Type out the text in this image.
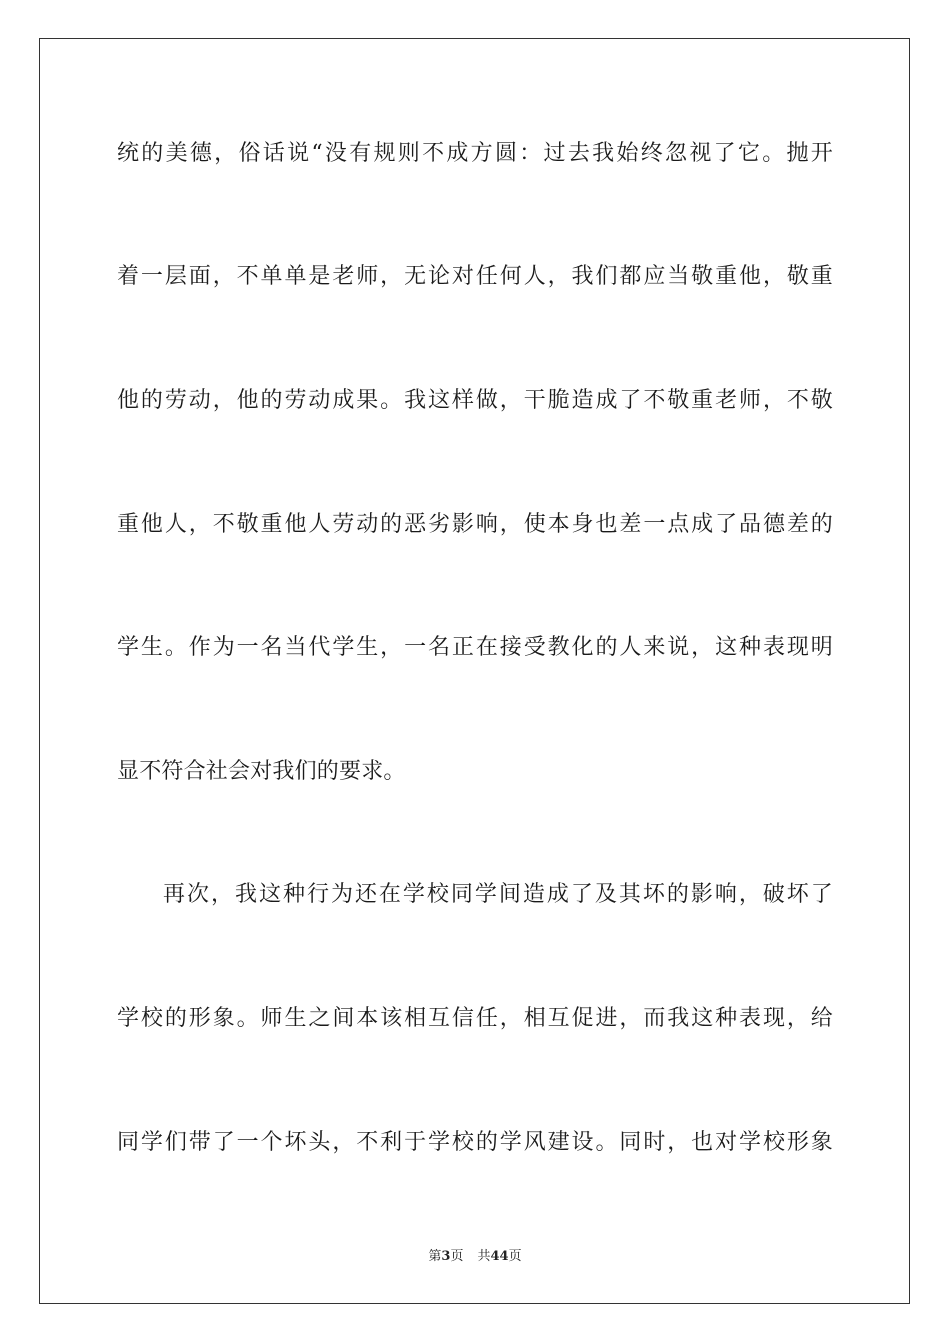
统的美德，俗话说“没有规则不成方圆：过去我始终忽视了它。抛开
着一层面，不单单是老师，无论对任何人，我们都应当敬重他，敬重
他的劳动，他的劳动成果。我这样做，干脆造成了不敬重老师，不敬
重他人，不敬重他人劳动的恶劣影响，使本身也差一点成了品德差的
学生。作为一名当代学生，一名正在接受教化的人来说，这种表现明
显不符合社会对我们的要求。
再次，我这种行为还在学校同学间造成了及其坏的影响，破坏了
学校的形象。师生之间本该相互信任，相互促进，而我这种表现，给
同学们带了一个坏头，不利于学校的学风建设。同时，也对学校形象
第3页 共44页
